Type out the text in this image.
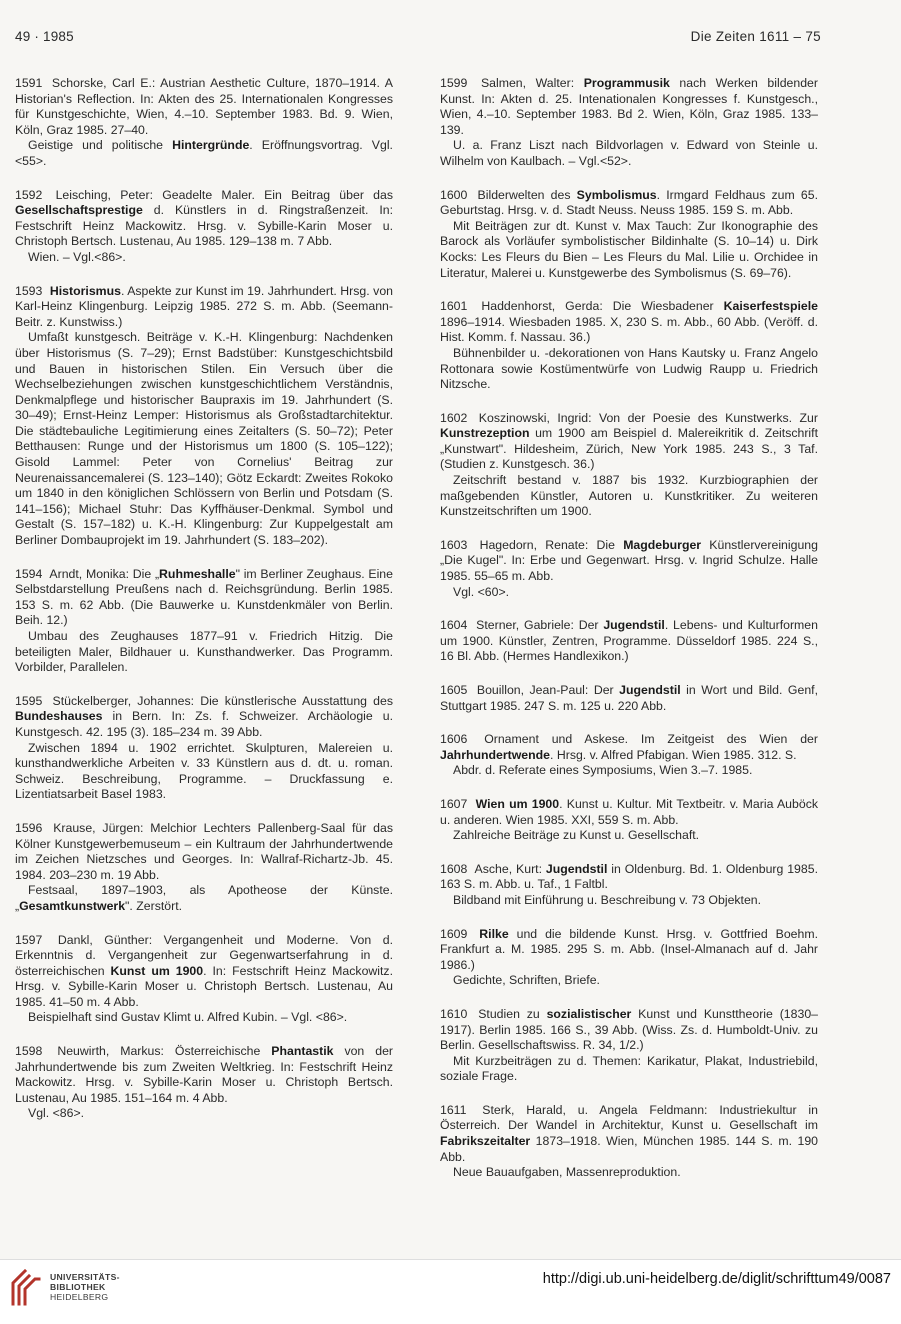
49 · 1985	Die Zeiten 1611 – 75

1591 Schorske, Carl E.: Austrian Aesthetic Culture, 1870–1914. A Historian's Reflection. In: Akten des 25. Internationalen Kongresses für Kunstgeschichte, Wien, 4.–10. September 1983. Bd. 9. Wien, Köln, Graz 1985. 27–40.

Geistige und politische Hintergründe. Eröffnungsvortrag. Vgl. <55>.

1592 Leisching, Peter: Geadelte Maler. Ein Beitrag über das Gesellschaftsprestige d. Künstlers in d. Ringstraßenzeit. In: Festschrift Heinz Mackowitz. Hrsg. v. Sybille-Karin Moser u. Christoph Bertsch. Lustenau, Au 1985. 129–138 m. 7 Abb.

Wien. – Vgl.<86>.

1593 Historismus. Aspekte zur Kunst im 19. Jahrhundert. Hrsg. von Karl-Heinz Klingenburg. Leipzig 1985. 272 S. m. Abb. (Seemann-Beitr. z. Kunstwiss.)

Umfaßt kunstgesch. Beiträge v. K.-H. Klingenburg: Nachdenken über Historismus (S. 7–29); Ernst Badstüber: Kunstgeschichtsbild und Bauen in historischen Stilen. Ein Versuch über die Wechselbeziehungen zwischen kunstgeschichtlichem Verständnis, Denkmalpflege und historischer Baupraxis im 19. Jahrhundert (S. 30–49); Ernst-Heinz Lemper: Historismus als Großstadtarchitektur. Die städtebauliche Legitimierung eines Zeitalters (S. 50–72); Peter Betthausen: Runge und der Historismus um 1800 (S. 105–122); Gisold Lammel: Peter von Cornelius' Beitrag zur Neurenaissancemalerei (S. 123–140); Götz Eckardt: Zweites Rokoko um 1840 in den königlichen Schlössern von Berlin und Potsdam (S. 141–156); Michael Stuhr: Das Kyffhäuser-Denkmal. Symbol und Gestalt (S. 157–182) u. K.-H. Klingenburg: Zur Kuppelgestalt am Berliner Dombauprojekt im 19. Jahrhundert (S. 183–202).

1594 Arndt, Monika: Die „Ruhmeshalle" im Berliner Zeughaus. Eine Selbstdarstellung Preußens nach d. Reichsgründung. Berlin 1985. 153 S. m. 62 Abb. (Die Bauwerke u. Kunstdenkmäler von Berlin. Beih. 12.)

Umbau des Zeughauses 1877–91 v. Friedrich Hitzig. Die beteiligten Maler, Bildhauer u. Kunsthandwerker. Das Programm. Vorbilder, Parallelen.

1595 Stückelberger, Johannes: Die künstlerische Ausstattung des Bundeshauses in Bern. In: Zs. f. Schweizer. Archäologie u. Kunstgesch. 42. 195 (3). 185–234 m. 39 Abb.

Zwischen 1894 u. 1902 errichtet. Skulpturen, Malereien u. kunsthandwerkliche Arbeiten v. 33 Künstlern aus d. dt. u. roman. Schweiz. Beschreibung, Programme. – Druckfassung e. Lizentiatsarbeit Basel 1983.

1596 Krause, Jürgen: Melchior Lechters Pallenberg-Saal für das Kölner Kunstgewerbemuseum – ein Kultraum der Jahrhundertwende im Zeichen Nietzsches und Georges. In: Wallraf-Richartz-Jb. 45. 1984. 203–230 m. 19 Abb.

Festsaal, 1897–1903, als Apotheose der Künste. „Gesamtkunstwerk". Zerstört.

1597 Dankl, Günther: Vergangenheit und Moderne. Von d. Erkenntnis d. Vergangenheit zur Gegenwartserfahrung in d. österreichischen Kunst um 1900. In: Festschrift Heinz Mackowitz. Hrsg. v. Sybille-Karin Moser u. Christoph Bertsch. Lustenau, Au 1985. 41–50 m. 4 Abb.

Beispielhaft sind Gustav Klimt u. Alfred Kubin. – Vgl. <86>.

1598 Neuwirth, Markus: Österreichische Phantastik von der Jahrhundertwende bis zum Zweiten Weltkrieg. In: Festschrift Heinz Mackowitz. Hrsg. v. Sybille-Karin Moser u. Christoph Bertsch. Lustenau, Au 1985. 151–164 m. 4 Abb.

Vgl. <86>.

1599 Salmen, Walter: Programmusik nach Werken bildender Kunst. In: Akten d. 25. Intenationalen Kongresses f. Kunstgesch., Wien, 4.–10. September 1983. Bd 2. Wien, Köln, Graz 1985. 133–139.

U. a. Franz Liszt nach Bildvorlagen v. Edward von Steinle u. Wilhelm von Kaulbach. – Vgl.<52>.

1600 Bilderwelten des Symbolismus. Irmgard Feldhaus zum 65. Geburtstag. Hrsg. v. d. Stadt Neuss. Neuss 1985. 159 S. m. Abb.

Mit Beiträgen zur dt. Kunst v. Max Tauch: Zur Ikonographie des Barock als Vorläufer symbolistischer Bildinhalte (S. 10–14) u. Dirk Kocks: Les Fleurs du Bien – Les Fleurs du Mal. Lilie u. Orchidee in Literatur, Malerei u. Kunstgewerbe des Symbolismus (S. 69–76).

1601 Haddenhorst, Gerda: Die Wiesbadener Kaiserfestspiele 1896–1914. Wiesbaden 1985. X, 230 S. m. Abb., 60 Abb. (Veröff. d. Hist. Komm. f. Nassau. 36.)

Bühnenbilder u. -dekorationen von Hans Kautsky u. Franz Angelo Rottonara sowie Kostümentwürfe von Ludwig Raupp u. Friedrich Nitzsche.

1602 Koszinowski, Ingrid: Von der Poesie des Kunstwerks. Zur Kunstrezeption um 1900 am Beispiel d. Malereikritik d. Zeitschrift „Kunstwart". Hildesheim, Zürich, New York 1985. 243 S., 3 Taf. (Studien z. Kunstgesch. 36.)

Zeitschrift bestand v. 1887 bis 1932. Kurzbiographien der maßgebenden Künstler, Autoren u. Kunstkritiker. Zu weiteren Kunstzeitschriften um 1900.

1603 Hagedorn, Renate: Die Magdeburger Künstlervereinigung „Die Kugel". In: Erbe und Gegenwart. Hrsg. v. Ingrid Schulze. Halle 1985. 55–65 m. Abb.

Vgl. <60>.

1604 Sterner, Gabriele: Der Jugendstil. Lebens- und Kulturformen um 1900. Künstler, Zentren, Programme. Düsseldorf 1985. 224 S., 16 Bl. Abb. (Hermes Handlexikon.)

1605 Bouillon, Jean-Paul: Der Jugendstil in Wort und Bild. Genf, Stuttgart 1985. 247 S. m. 125 u. 220 Abb.

1606 Ornament und Askese. Im Zeitgeist des Wien der Jahrhundertwende. Hrsg. v. Alfred Pfabigan. Wien 1985. 312. S.

Abdr. d. Referate eines Symposiums, Wien 3.–7. 1985.

1607 Wien um 1900. Kunst u. Kultur. Mit Textbeitr. v. Maria Auböck u. anderen. Wien 1985. XXI, 559 S. m. Abb.

Zahlreiche Beiträge zu Kunst u. Gesellschaft.

1608 Asche, Kurt: Jugendstil in Oldenburg. Bd. 1. Oldenburg 1985. 163 S. m. Abb. u. Taf., 1 Faltbl.

Bildband mit Einführung u. Beschreibung v. 73 Objekten.

1609 Rilke und die bildende Kunst. Hrsg. v. Gottfried Boehm. Frankfurt a. M. 1985. 295 S. m. Abb. (Insel-Almanach auf d. Jahr 1986.)

Gedichte, Schriften, Briefe.

1610 Studien zu sozialistischer Kunst und Kunsttheorie (1830–1917). Berlin 1985. 166 S., 39 Abb. (Wiss. Zs. d. Humboldt-Univ. zu Berlin. Gesellschaftswiss. R. 34, 1/2.)

Mit Kurzbeiträgen zu d. Themen: Karikatur, Plakat, Industriebild, soziale Frage.

1611 Sterk, Harald, u. Angela Feldmann: Industriekultur in Österreich. Der Wandel in Architektur, Kunst u. Gesellschaft im Fabrikszeitalter 1873–1918. Wien, München 1985. 144 S. m. 190 Abb.

Neue Bauaufgaben, Massenreproduktion.

UNIVERSITÄTS-
BIBLIOTHEK
HEIDELBERG
http://digi.ub.uni-heidelberg.de/diglit/schrifttum49/0087
